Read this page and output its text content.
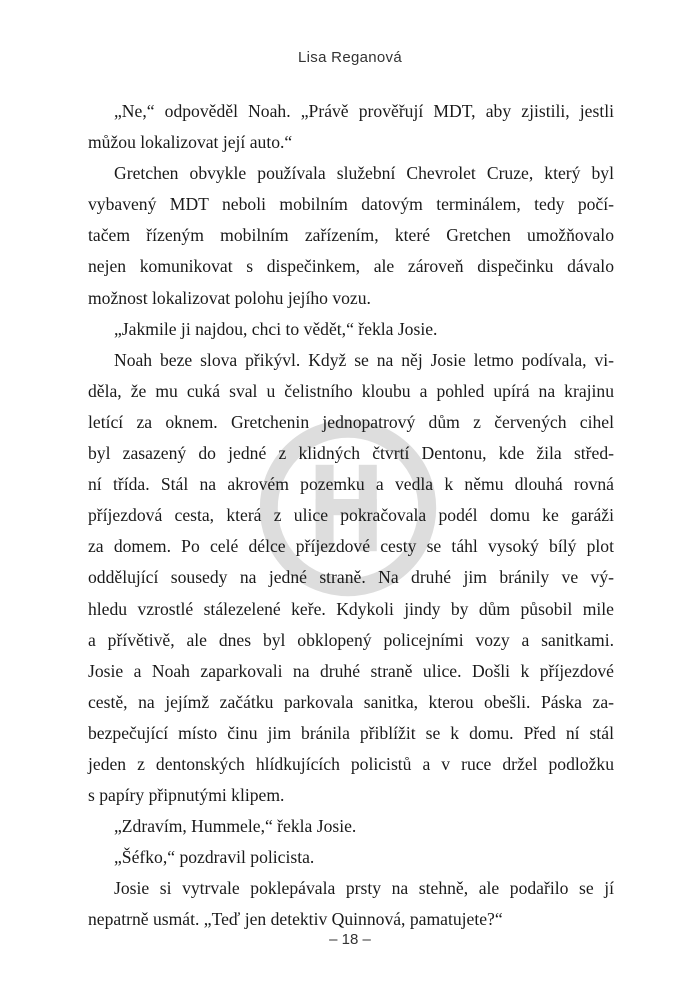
Lisa Reganová
„Ne,“ odpověděl Noah. „Právě prověřují MDT, aby zjistili, jestli
můžou lokalizovat její auto.“
Gretchen obvykle používala služební Chevrolet Cruze, který byl
vybavený MDT neboli mobilním datovým terminálem, tedy počí-
tačem řízeným mobilním zařízením, které Gretchen umožňovalo
nejen komunikovat s dispečinkem, ale zároveň dispečinku dávalo
možnost lokalizovat polohu jejího vozu.
„Jakmile ji najdou, chci to vědět,“ řekla Josie.
Noah beze slova přikývl. Když se na něj Josie letmo podívala, vi-
děla, že mu cuká sval u čelistního kloubu a pohled upírá na krajinu
letící za oknem. Gretchenin jednopatrový dům z červených cihel
byl zasazený do jedné z klidných čtvrtí Dentonu, kde žila střed-
ní třída. Stál na akrovém pozemku a vedla k němu dlouhá rovná
příjezdová cesta, která z ulice pokračovala podél domu ke garáži
za domem. Po celé délce příjezdové cesty se táhl vysoký bílý plot
oddělující sousedy na jedné straně. Na druhé jim bránily ve vý-
hledu vzrostlé stálezelené keře. Kdykoli jindy by dům působil mile
a přívětivě, ale dnes byl obklopený policejními vozy a sanitkami.
Josie a Noah zaparkovali na druhé straně ulice. Došli k příjezdové
cestě, na jejímž začátku parkovala sanitka, kterou obešli. Páska za-
bezpečující místo činu jim bránila přiblížit se k domu. Před ní stál
jeden z dentonských hlídkujících policistů a v ruce držel podložku
s papíry připnutými klipem.
„Zdravím, Hummele,“ řekla Josie.
„Šéfko,“ pozdravil policista.
Josie si vytrvale poklepávala prsty na stehně, ale podařilo se jí
nepatrně usmát. „Teď jen detektiv Quinnová, pamatujete?“
– 18 –
